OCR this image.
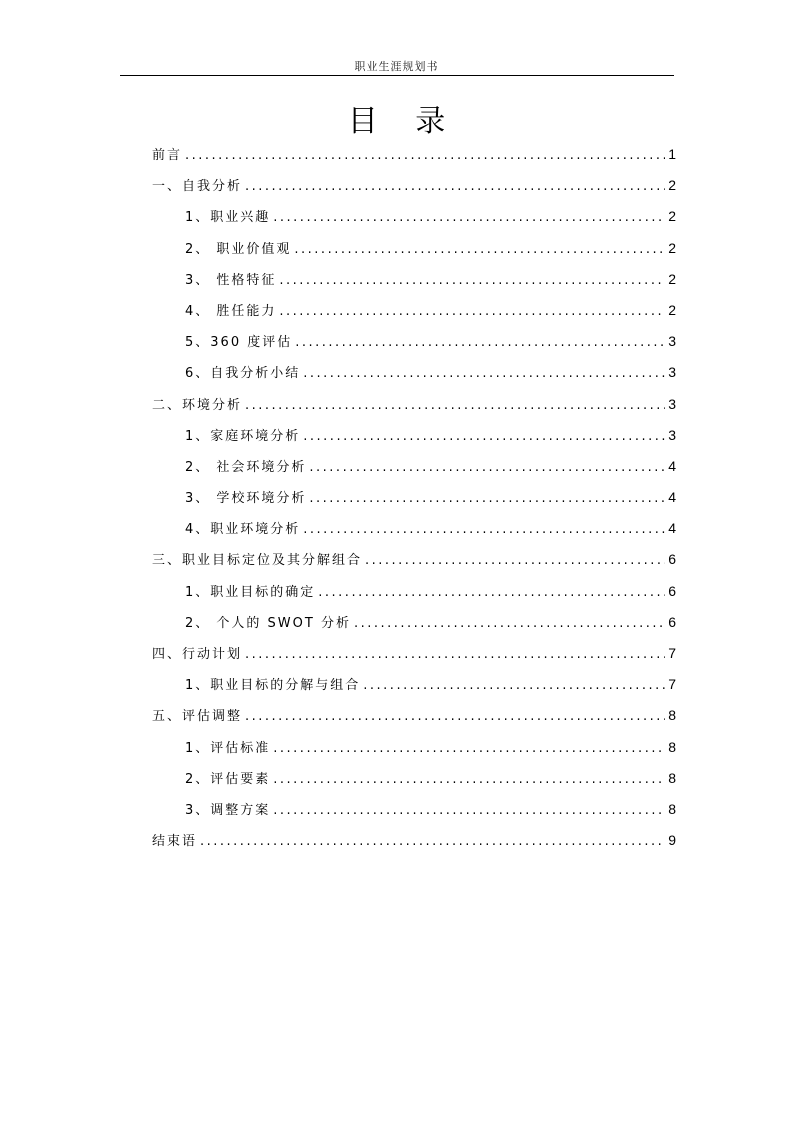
职业生涯规划书
目 录
前言 .....	1
一、自我分析 .....	2
1、职业兴趣 .....	2
2、 职业价值观 .....	2
3、 性格特征 .....	2
4、 胜任能力 .....	2
5、360 度评估 .....	3
6、自我分析小结 .....	3
二、环境分析 .....	3
1、家庭环境分析 .....	3
2、 社会环境分析 .....	4
3、 学校环境分析 .....	4
4、职业环境分析 .....	4
三、职业目标定位及其分解组合 .....	6
1、职业目标的确定 .....	6
2、 个人的 SWOT 分析 .....	6
四、行动计划 .....	7
1、职业目标的分解与组合 .....	7
五、评估调整 .....	8
1、评估标准 .....	8
2、评估要素 .....	8
3、调整方案 .....	8
结束语 .....	9
